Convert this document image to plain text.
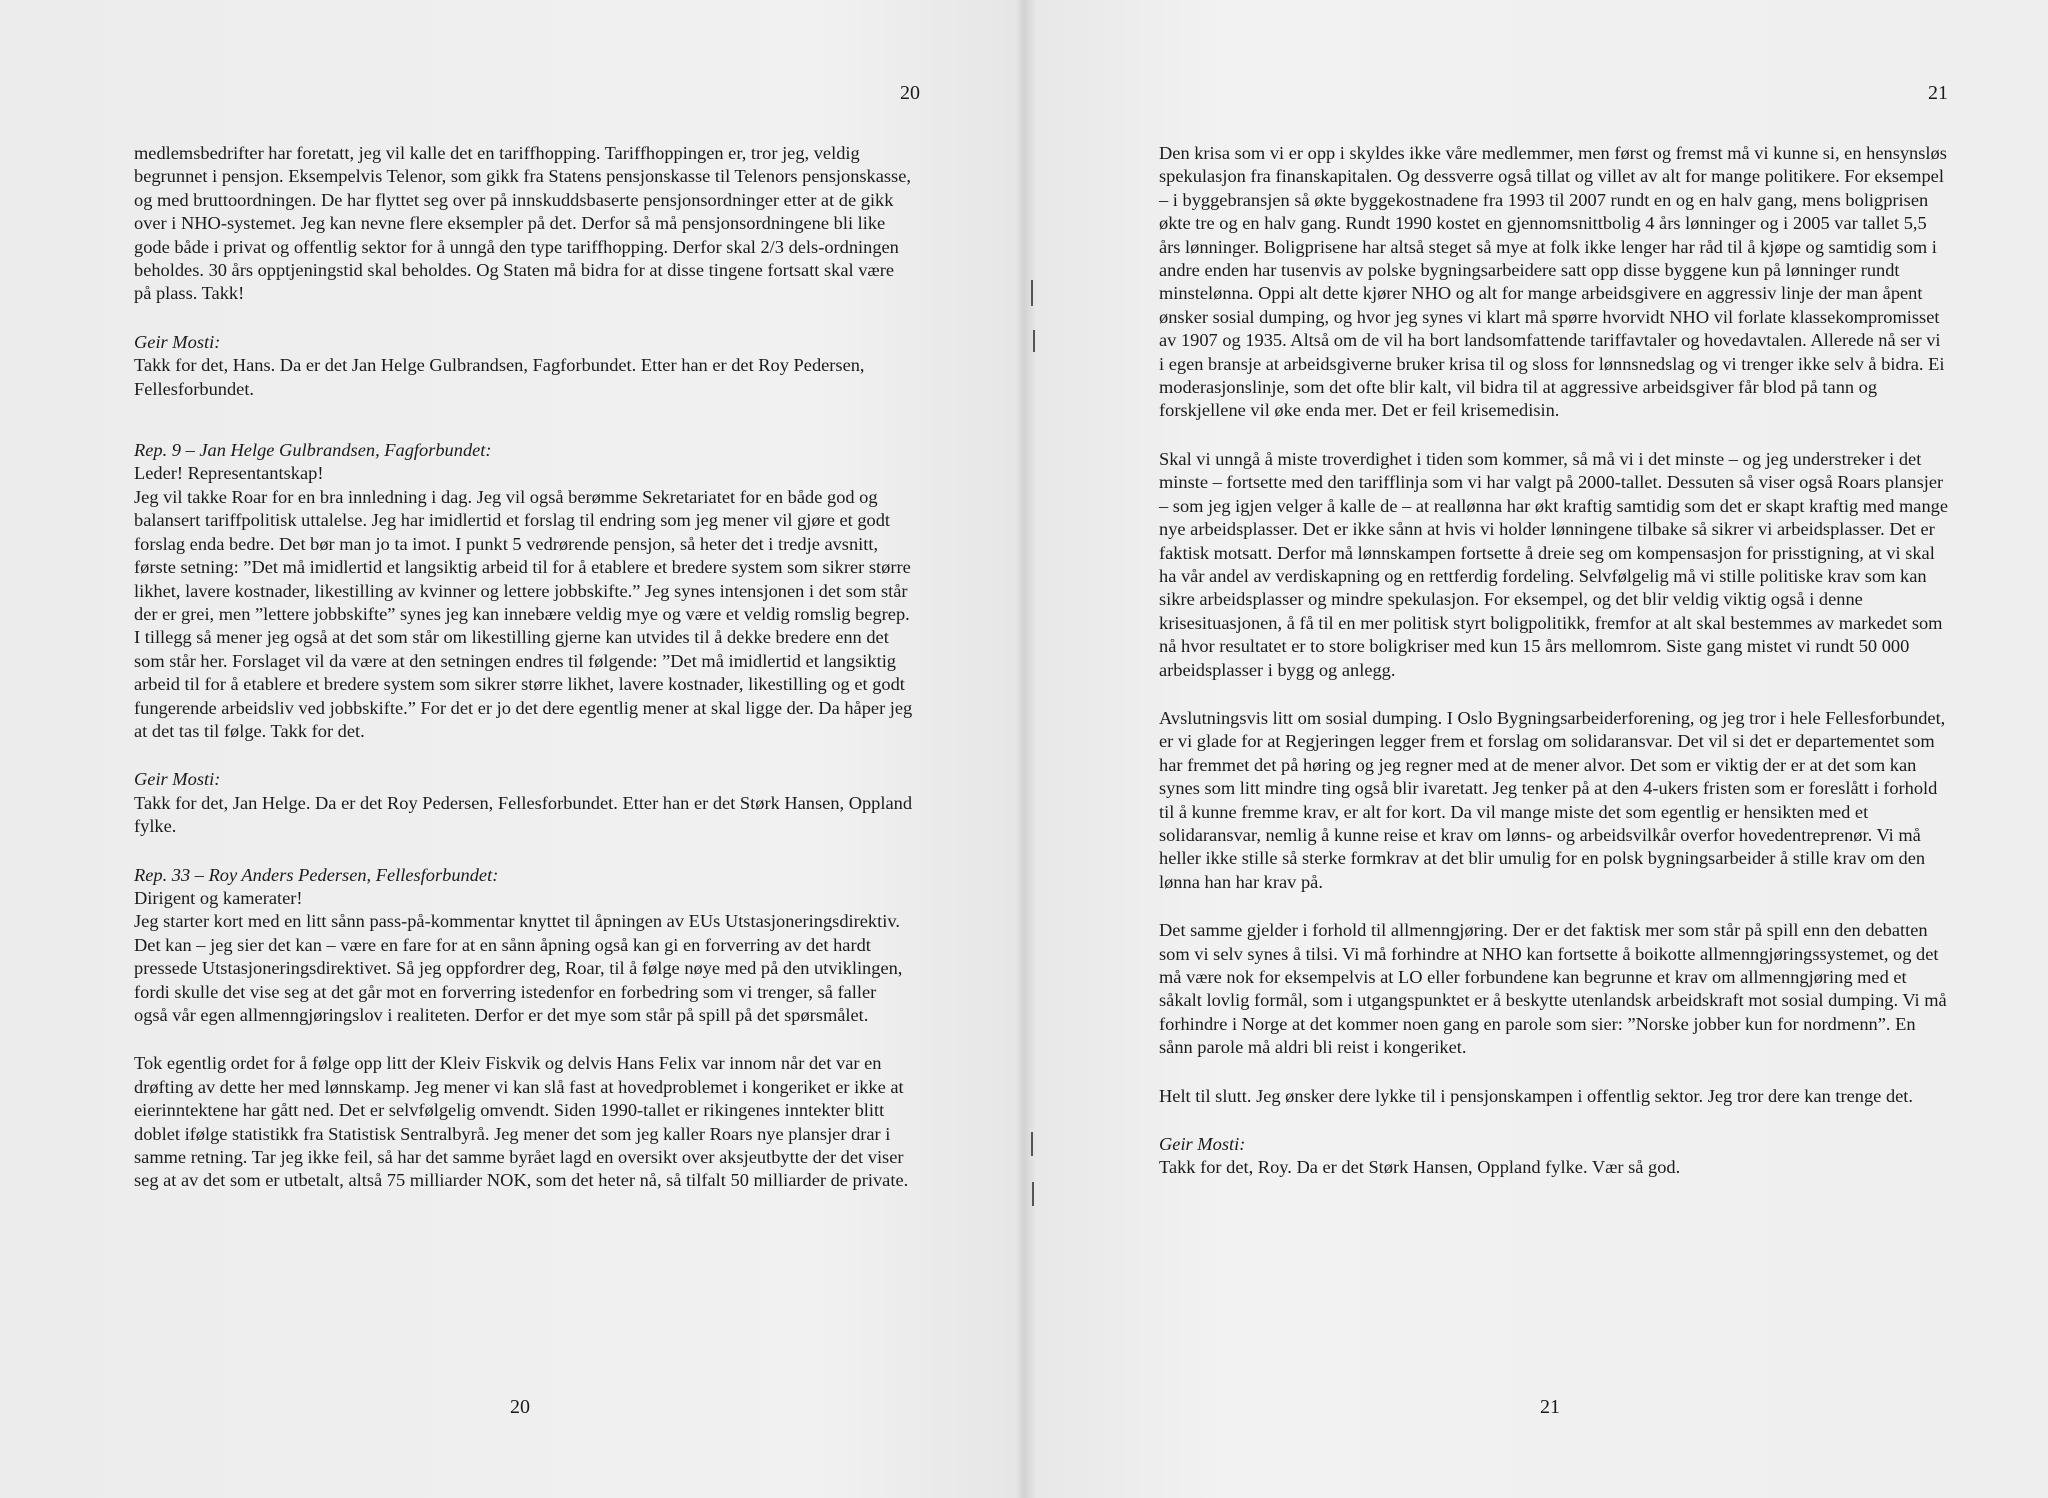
20
medlemsbedrifter har foretatt, jeg vil kalle det en tariffhopping. Tariffhoppingen er, tror jeg, veldig begrunnet i pensjon. Eksempelvis Telenor, som gikk fra Statens pensjonskasse til Telenors pensjonskasse, og med bruttoordningen. De har flyttet seg over på innskuddsbaserte pensjonsordninger etter at de gikk over i NHO-systemet. Jeg kan nevne flere eksempler på det. Derfor så må pensjonsordningene bli like gode både i privat og offentlig sektor for å unngå den type tariffhopping. Derfor skal 2/3 dels-ordningen beholdes. 30 års opptjeningstid skal beholdes. Og Staten må bidra for at disse tingene fortsatt skal være på plass. Takk!
Geir Mosti:
Takk for det, Hans. Da er det Jan Helge Gulbrandsen, Fagforbundet. Etter han er det Roy Pedersen, Fellesforbundet.
Rep. 9 – Jan Helge Gulbrandsen, Fagforbundet:
Leder! Representantskap!
Jeg vil takke Roar for en bra innledning i dag. Jeg vil også berømme Sekretariatet for en både god og balansert tariffpolitisk uttalelse. Jeg har imidlertid et forslag til endring som jeg mener vil gjøre et godt forslag enda bedre. Det bør man jo ta imot. I punkt 5 vedrørende pensjon, så heter det i tredje avsnitt, første setning: ”Det må imidlertid et langsiktig arbeid til for å etablere et bredere system som sikrer større likhet, lavere kostnader, likestilling av kvinner og lettere jobbskifte.” Jeg synes intensjonen i det som står der er grei, men ”lettere jobbskifte” synes jeg kan innebære veldig mye og være et veldig romslig begrep. I tillegg så mener jeg også at det som står om likestilling gjerne kan utvides til å dekke bredere enn det som står her. Forslaget vil da være at den setningen endres til følgende: ”Det må imidlertid et langsiktig arbeid til for å etablere et bredere system som sikrer større likhet, lavere kostnader, likestilling og et godt fungerende arbeidsliv ved jobbskifte.” For det er jo det dere egentlig mener at skal ligge der. Da håper jeg at det tas til følge. Takk for det.
Geir Mosti:
Takk for det, Jan Helge. Da er det Roy Pedersen, Fellesforbundet. Etter han er det Størk Hansen, Oppland fylke.
Rep. 33 – Roy Anders Pedersen, Fellesforbundet:
Dirigent og kamerater!
Jeg starter kort med en litt sånn pass-på-kommentar knyttet til åpningen av EUs Utstasjoneringsdirektiv. Det kan – jeg sier det kan – være en fare for at en sånn åpning også kan gi en forverring av det hardt pressede Utstasjoneringsdirektivet. Så jeg oppfordrer deg, Roar, til å følge nøye med på den utviklingen, fordi skulle det vise seg at det går mot en forverring istedenfor en forbedring som vi trenger, så faller også vår egen allmenngjøringslov i realiteten. Derfor er det mye som står på spill på det spørsmålet.
Tok egentlig ordet for å følge opp litt der Kleiv Fiskvik og delvis Hans Felix var innom når det var en drøfting av dette her med lønnskamp. Jeg mener vi kan slå fast at hovedproblemet i kongeriket er ikke at eierinntektene har gått ned. Det er selvfølgelig omvendt. Siden 1990-tallet er rikingenes inntekter blitt doblet ifølge statistikk fra Statistisk Sentralbyrå. Jeg mener det som jeg kaller Roars nye plansjer drar i samme retning. Tar jeg ikke feil, så har det samme byrået lagd en oversikt over aksjeutbytte der det viser seg at av det som er utbetalt, altså 75 milliarder NOK, som det heter nå, så tilfalt 50 milliarder de private.
20
21
Den krisa som vi er opp i skyldes ikke våre medlemmer, men først og fremst må vi kunne si, en hensynsløs spekulasjon fra finanskapitalen. Og dessverre også tillat og villet av alt for mange politikere. For eksempel – i byggebransjen så økte byggekostnadene fra 1993 til 2007 rundt en og en halv gang, mens boligprisen økte tre og en halv gang. Rundt 1990 kostet en gjennomsnittbolig 4 års lønninger og i 2005 var tallet 5,5 års lønninger. Boligprisene har altså steget så mye at folk ikke lenger har råd til å kjøpe og samtidig som i andre enden har tusenvis av polske bygningsarbeidere satt opp disse byggene kun på lønninger rundt minstelønna. Oppi alt dette kjører NHO og alt for mange arbeidsgivere en aggressiv linje der man åpent ønsker sosial dumping, og hvor jeg synes vi klart må spørre hvorvidt NHO vil forlate klassekompromisset av 1907 og 1935. Altså om de vil ha bort landsomfattende tariffavtaler og hovedavtalen. Allerede nå ser vi i egen bransje at arbeidsgiverne bruker krisa til og sloss for lønnsnedslag og vi trenger ikke selv å bidra. Ei moderasjonslinje, som det ofte blir kalt, vil bidra til at aggressive arbeidsgiver får blod på tann og forskjellene vil øke enda mer. Det er feil krisemedisin.
Skal vi unngå å miste troverdighet i tiden som kommer, så må vi i det minste – og jeg understreker i det minste – fortsette med den tarifflinja som vi har valgt på 2000-tallet. Dessuten så viser også Roars plansjer – som jeg igjen velger å kalle de – at reallønna har økt kraftig samtidig som det er skapt kraftig med mange nye arbeidsplasser. Det er ikke sånn at hvis vi holder lønningene tilbake så sikrer vi arbeidsplasser. Det er faktisk motsatt. Derfor må lønnskampen fortsette å dreie seg om kompensasjon for prisstigning, at vi skal ha vår andel av verdiskapning og en rettferdig fordeling. Selvfølgelig må vi stille politiske krav som kan sikre arbeidsplasser og mindre spekulasjon. For eksempel, og det blir veldig viktig også i denne krisesituasjonen, å få til en mer politisk styrt boligpolitikk, fremfor at alt skal bestemmes av markedet som nå hvor resultatet er to store boligkriser med kun 15 års mellomrom. Siste gang mistet vi rundt 50 000 arbeidsplasser i bygg og anlegg.
Avslutningsvis litt om sosial dumping. I Oslo Bygningsarbeiderforening, og jeg tror i hele Fellesforbundet, er vi glade for at Regjeringen legger frem et forslag om solidaransvar. Det vil si det er departementet som har fremmet det på høring og jeg regner med at de mener alvor. Det som er viktig der er at det som kan synes som litt mindre ting også blir ivaretatt. Jeg tenker på at den 4-ukers fristen som er foreslått i forhold til å kunne fremme krav, er alt for kort. Da vil mange miste det som egentlig er hensikten med et solidaransvar, nemlig å kunne reise et krav om lønns- og arbeidsvilkår overfor hovedentreprenør. Vi må heller ikke stille så sterke formkrav at det blir umulig for en polsk bygningsarbeider å stille krav om den lønna han har krav på.
Det samme gjelder i forhold til allmenngjøring. Der er det faktisk mer som står på spill enn den debatten som vi selv synes å tilsi. Vi må forhindre at NHO kan fortsette å boikotte allmenngjøringssystemet, og det må være nok for eksempelvis at LO eller forbundene kan begrunne et krav om allmenngjøring med et såkalt lovlig formål, som i utgangspunktet er å beskytte utenlandsk arbeidskraft mot sosial dumping. Vi må forhindre i Norge at det kommer noen gang en parole som sier: ”Norske jobber kun for nordmenn”. En sånn parole må aldri bli reist i kongeriket.
Helt til slutt. Jeg ønsker dere lykke til i pensjonskampen i offentlig sektor. Jeg tror dere kan trenge det.
Geir Mosti:
Takk for det, Roy. Da er det Størk Hansen, Oppland fylke. Vær så god.
21
